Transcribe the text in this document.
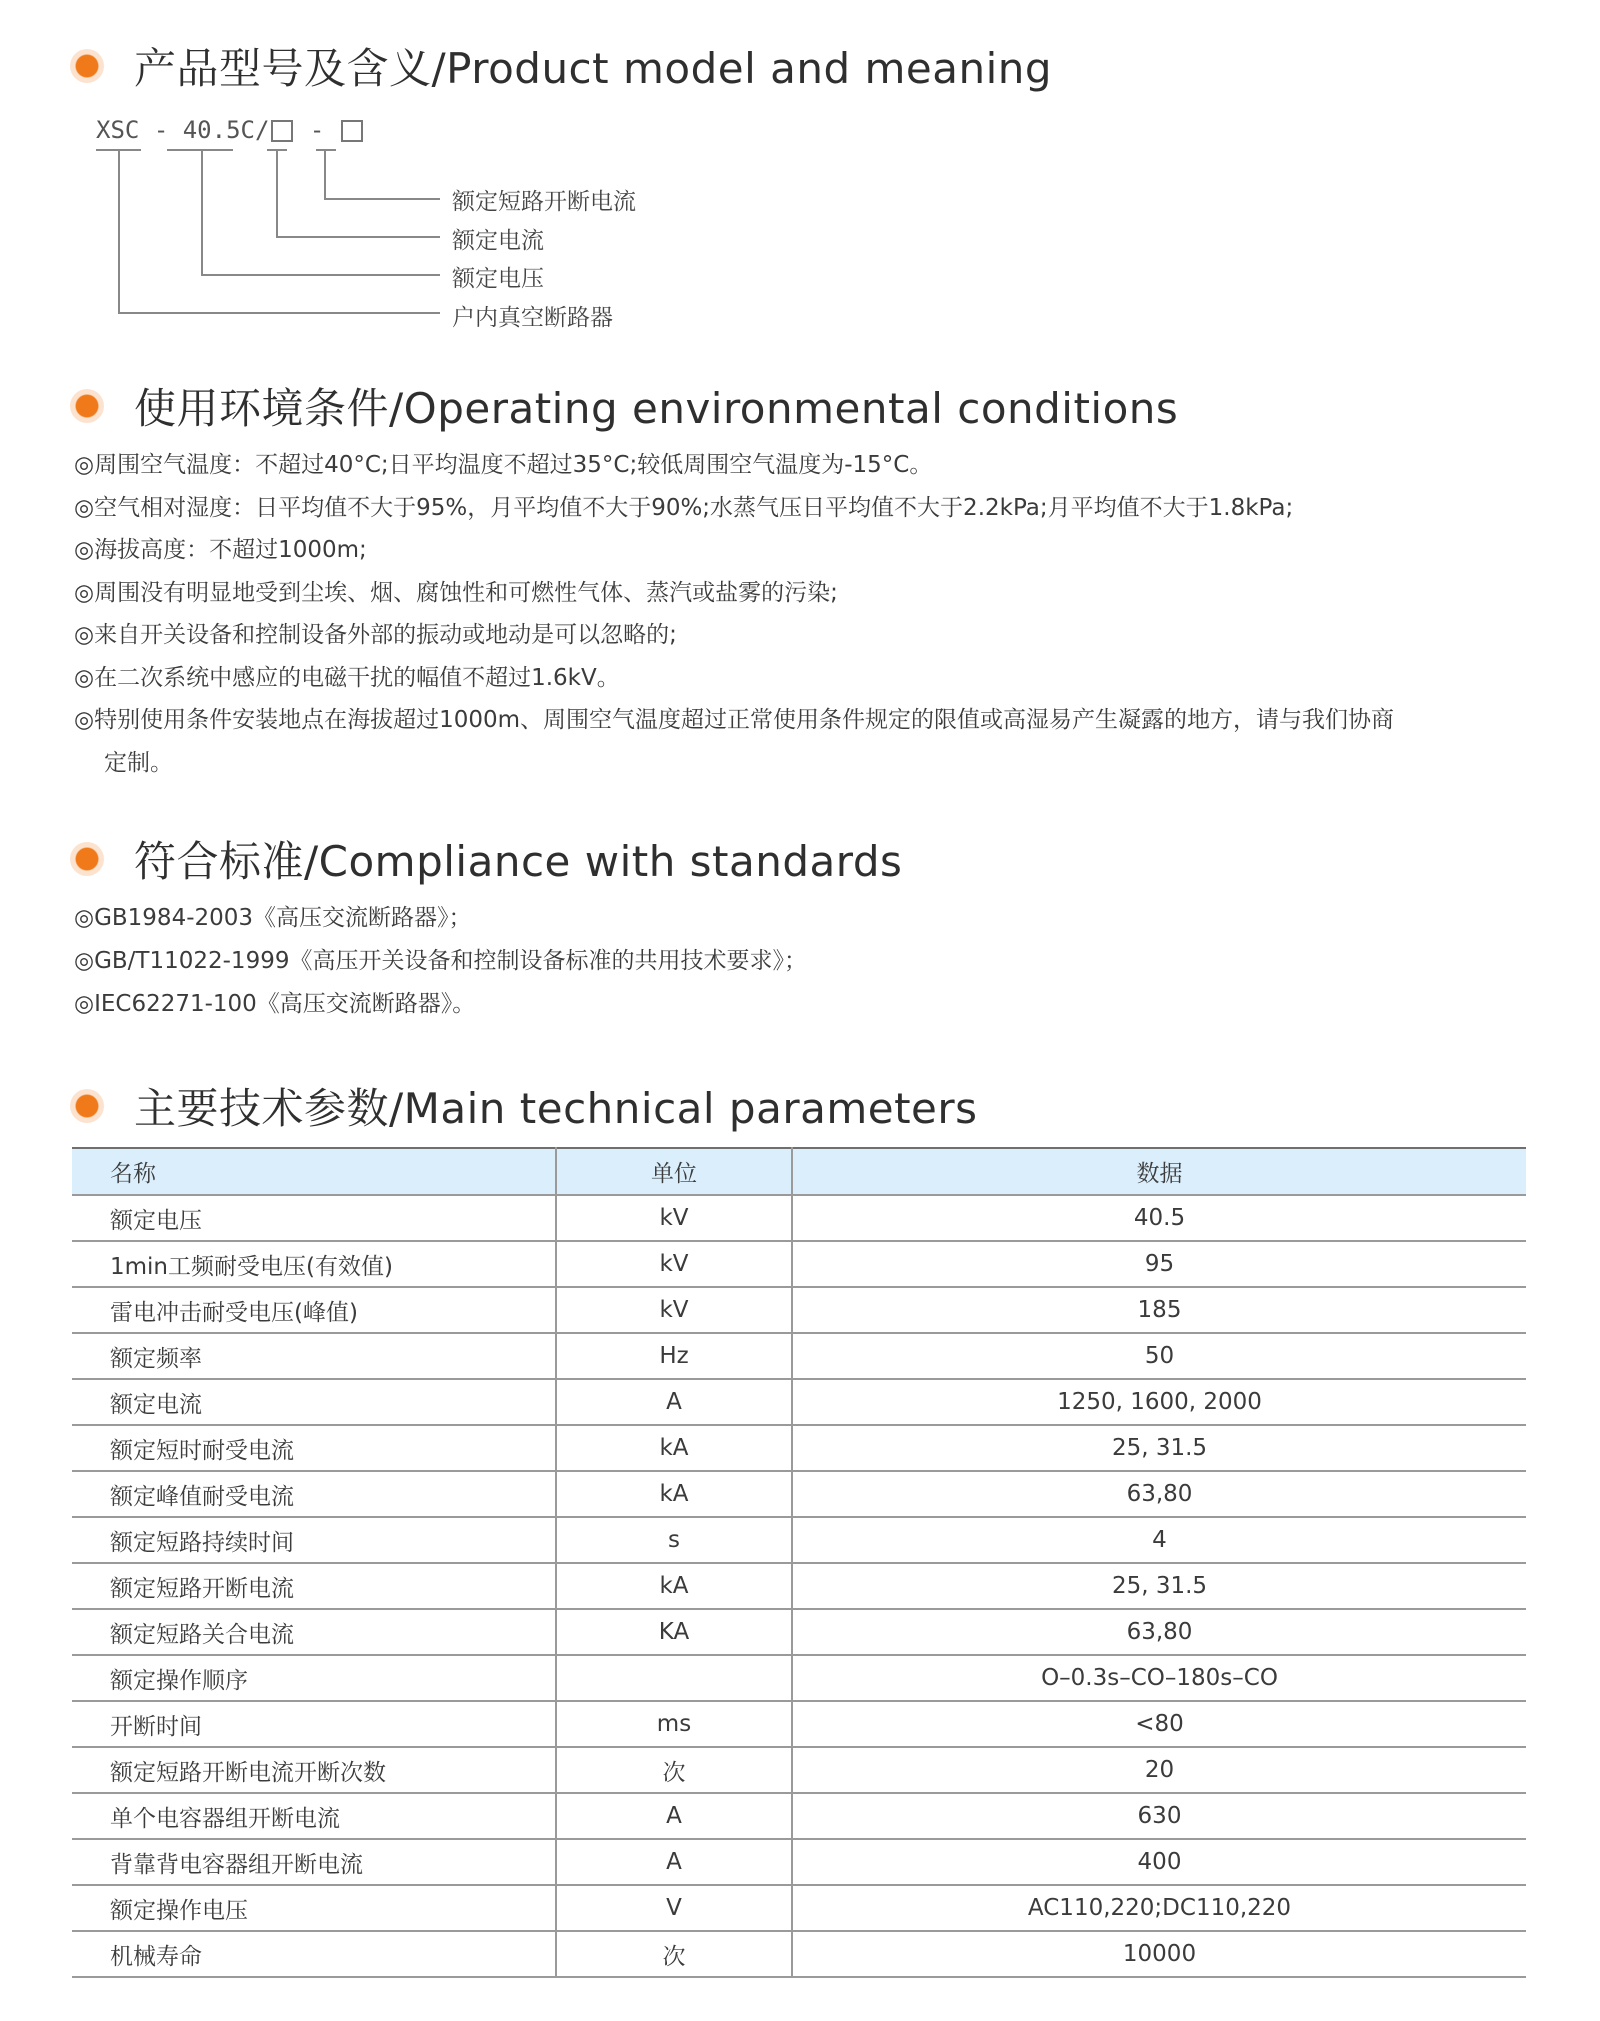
产品型号及含义/Product model and meaning
XSC - 40.5C/ -
额定短路开断电流
额定电流
额定电压
户内真空断路器
使用环境条件/Operating environmental conditions
◎周围空气温度：不超过40°C;日平均温度不超过35°C;较低周围空气温度为-15°C。
◎空气相对湿度：日平均值不大于95%，月平均值不大于90%;水蒸气压日平均值不大于2.2kPa;月平均值不大于1.8kPa;
◎海拔高度：不超过1000m;
◎周围没有明显地受到尘埃、烟、腐蚀性和可燃性气体、蒸汽或盐雾的污染;
◎来自开关设备和控制设备外部的振动或地动是可以忽略的;
◎在二次系统中感应的电磁干扰的幅值不超过1.6kV。
◎特别使用条件安装地点在海拔超过1000m、周围空气温度超过正常使用条件规定的限值或高湿易产生凝露的地方，请与我们协商
定制。
符合标准/Compliance with standards
◎GB1984-2003《高压交流断路器》；
◎GB/T11022-1999《高压开关设备和控制设备标准的共用技术要求》；
◎IEC62271-100《高压交流断路器》。
主要技术参数/Main technical parameters
名称	单位	数据
额定电压	kV	40.5
1min工频耐受电压(有效值)	kV	95
雷电冲击耐受电压(峰值)	kV	185
额定频率	Hz	50
额定电流	A	1250, 1600, 2000
额定短时耐受电流	kA	25, 31.5
额定峰值耐受电流	kA	63,80
额定短路持续时间	s	4
额定短路开断电流	kA	25, 31.5
额定短路关合电流	KA	63,80
额定操作顺序		O–0.3s–CO–180s–CO
开断时间	ms	<80
额定短路开断电流开断次数	次	20
单个电容器组开断电流	A	630
背靠背电容器组开断电流	A	400
额定操作电压	V	AC110,220;DC110,220
机械寿命	次	10000
